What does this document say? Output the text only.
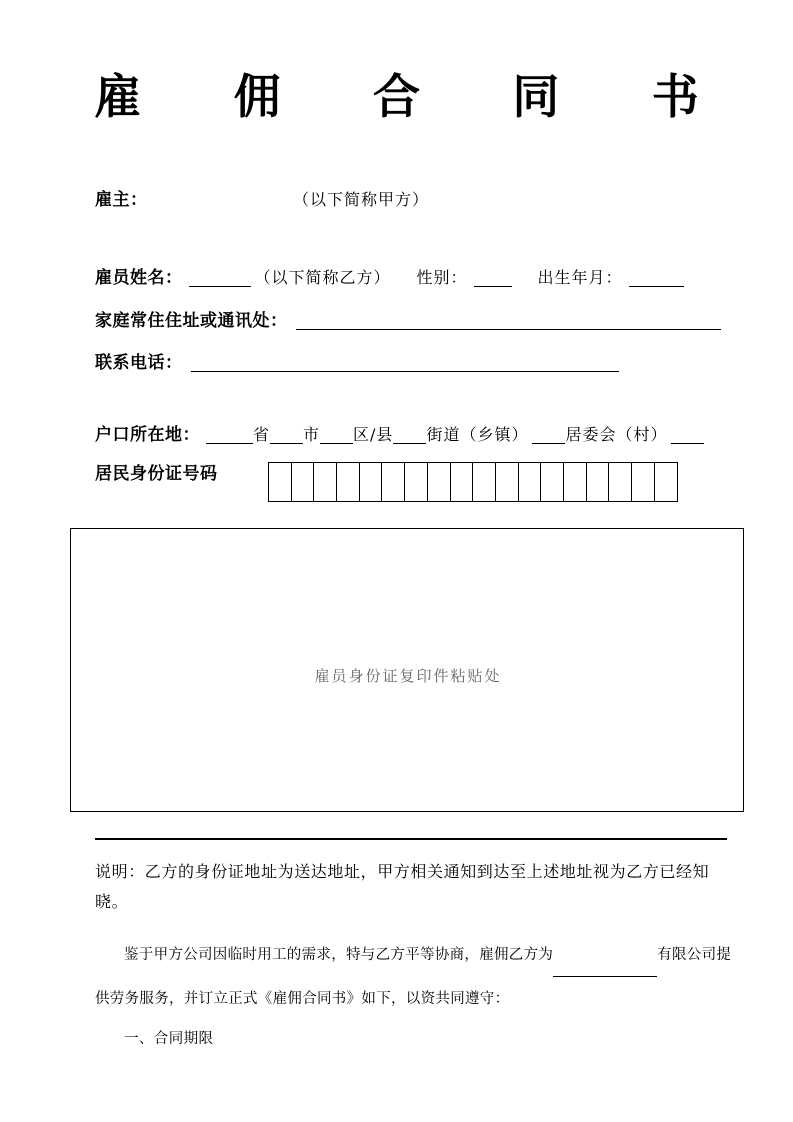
雇 佣 合 同 书
雇主：	（以下简称甲方）
雇员姓名：	（以下简称乙方） 性别：	出生年月：
家庭常住住址或通讯处：
联系电话：
户口所在地：	省 市 区/县 街道（乡镇） 居委会（村）
居民身份证号码
雇员身份证复印件粘贴处
说明：乙方的身份证地址为送达地址，甲方相关通知到达至上述地址视为乙方已经知晓。
鉴于甲方公司因临时用工的需求，特与乙方平等协商，雇佣乙方为	有限公司提供劳务服务，并订立正式《雇佣合同书》如下，以资共同遵守：
一、合同期限
